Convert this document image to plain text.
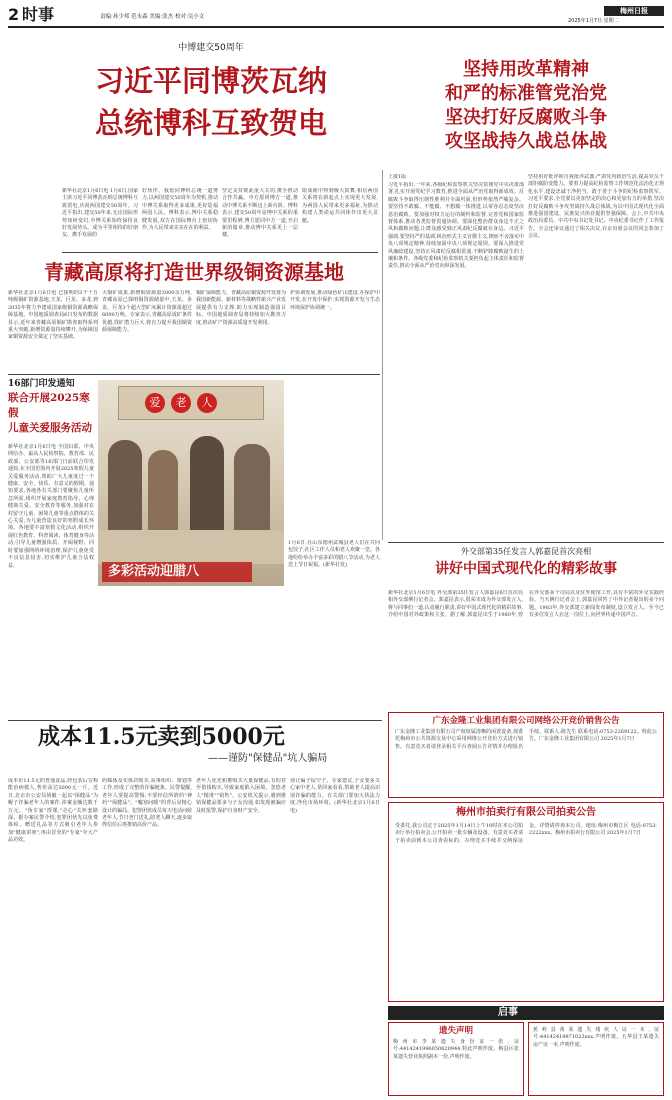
2 时事	责编:孙少邦 范永森 美编:张杰 校对:吴小文
梅州日报
2025年1月7日 星期二
中博建交50周年
习近平同博茨瓦纳
总统博科互致贺电
新华社北京1月6日电 1月6日,国家主席习近平同博茨瓦纳总统博科互致贺电,庆祝两国建交50周年。习近平指出,建交50年来,无论国际形势如何变幻,中博关系始终保持良好发展势头。成为平等相待的好朋友、携手发展的
好伙伴。我愿同博科总统一道努力,以两国建交50周年为契机,推动中博关系取得更多成果,更好造福两国人民。博科表示,博中关系稳健发展,双方在国际舞台上密切协作,为人民带来实实在在的利益。
坚定支持彼此重大关切,携手推动合作共赢。中方愿同博方一道,推动中博关系不断迈上新台阶。博科表示,建交50周年是博中关系的重要里程碑,博方愿同中方一道,开启新的篇章,推动博中关系更上一层楼。
限成就中得到极大鼓舞,相信两国关系将在新起点上实现更大发展,为两国人民带来更多福祉,为推动构建人类命运共同体作出更大贡献。
坚持用改革精神
和严的标准管党治党
坚决打好反腐败斗争
攻坚战持久战总体战
上接1版
习近平指出,一年来,各级纪检监察机关坚决贯彻党中央决策部署,扎实开展党纪学习教育,推进全面从严治党取得新成效。反腐败斗争取得压倒性胜利并全面巩固,但形势依然严峻复杂。要坚持不敢腐、不能腐、不想腐一体推进,以零容忍态度坚决惩治腐败。要加强对权力运行的制约和监督,完善党和国家监督体系,推动各类监督贯通协调。要深化整治群众身边不正之风和腐败问题,让群众感受到正风肃纪反腐就在身边。习近平强调,要坚持严的基调,纠治形式主义官僚主义,锲而不舍落实中央八项规定精神,持续加固中央八项规定堤坝。要深入推进党风廉政建设,坚持正风肃纪反腐相贯通,不断铲除腐败滋生的土壤和条件。各级党委和纪检监察机关要担负起主体责任和监督责任,推动全面从严治党向纵深发展。
坚持用好批评和自我批评武器,严肃党内政治生活,提高党员干部拒腐防变能力。要着力提高纪检监察工作规范化法治化正规化水平,建设忠诚干净担当、敢于善于斗争的纪检监察铁军。习近平要求,全党要以更加坚定的决心和更加有力的举措,坚决打好反腐败斗争攻坚战持久战总体战,为以中国式现代化全面推进强国建设、民族复兴伟业提供坚强保障。会上,中共中央政治局委员、中共中央书记处书记、中央纪委书记作了工作报告。全会还审议通过了相关决议,在京出席会议的同志参加了会议。
青藏高原将打造世界级铜资源基地
新华社北京1月6日电 已探明的3个千万吨级铜矿资源基地,玉龙、巨龙、多龙,到2035年将力争建成国家级铜资源战略保障基地。中国地质调查局6日发布的数据显示,近年来青藏高原铜矿勘查取得系列重大突破,新增资源量持续攀升,为保障国家铜资源安全奠定了坚实基础。
大铜矿成果,新增铜资源量2000余万吨,青藏高原已探明铜资源储量中,玉龙、多龙、巨龙3个超大型矿床累计资源量超过6000万吨。专家表示,青藏高原成矿条件优越,找矿潜力巨大,将有力提升我国铜资源保障能力。
铜矿保障能力。青藏高原铜资源开发将为我国新能源、新材料等战略性新兴产业发展提供有力支撑,助力实现制造强国目标。中国地质调查局将持续加大勘查力度,推动矿产资源高质量开发利用。
护协调发展,推动绿色矿山建设,在保护中开发,在开发中保护,实现资源开发与生态环境保护协调统一。
16部门印发通知
联合开展2025寒假
儿童关爱服务活动
新华社北京1月6日电 全国妇联、中央网信办、最高人民检察院、教育部、民政部、公安部等16部门日前联合印发通知,在全国范围内开展2025寒假儿童关爱服务活动,帮助广大儿童度过一个健康、安全、快乐、有意义的假期。通知要求,各地各有关部门要聚焦儿童所急所需,组织开展家庭教育指导、心理健康关爱、安全教育等服务,加强对农村留守儿童、困境儿童等重点群体的关心关爱,为儿童营造良好的寒假成长环境。各地要丰富寒假文化活动,组织开展红色教育、科普阅读、体育健身等活动,引导儿童增强体质、开阔视野。同时要加强网络环境治理,保护儿童免受不良信息侵害,切实维护儿童合法权益。
爱	老	人
多彩活动迎腊八
1月6日,在山东德州武城县老人们在共同包饺子,社区工作人员和老人欢聚一堂。各地纷纷举办丰富多彩的腊八节活动,为老人送上节日祝福。(新华社发)
外交部第35任发言人郭嘉昆首次亮相
讲好中国式现代化的精彩故事
新华社北京1月6日电 外交部第35任发言人郭嘉昆6日首次亮相外交部例行记者会。郭嘉昆表示,很荣幸成为外交部发言人,将与同事们一道,认真履行职责,讲好中国式现代化的精彩故事,介绍中国对外政策和主张。据了解,郭嘉昆出生于1980年,曾在外交部多个司局以及驻外使馆工作,具有丰富的外交实践经验。当天例行记者会上,郭嘉昆回答了中外记者提出的多个问题。1983年,外交部建立新闻发布制度,设立发言人。至今已有多位发言人在这一岗位上,向世界传递中国声音。
成本11.5元卖到5000元
——谨防"保健品"坑人骗局
成本价11.5元的普通食品,经包装后宣称能治病救人,售价高达5000元一斤。近日,北京市公安局侦破一起以"保健品"为幌子诈骗老年人的案件,涉案金额达数千万元。"伪专家"授课,"走心"关怀套路深。据办案民警介绍,犯罪团伙先以免费体检、赠送礼品等方式吸引老年人参加"健康讲座",再由冒充的"专家"夸大产品功效。
的媒体及实体店购买,从事组织、策划等工作,形成了完整的诈骗链条。民警提醒,老年人要提高警惕,不要轻信所谓的"神药""保健品"。"嘘寒问暖"的背后是精心设计的骗局。犯罪团伙成员每天电话问候老年人,节日登门送礼,陪老人聊天,逐步取得信任后再推销高价产品。
老年人花光积蓄购买大量保健品,有的甚至借钱购买,导致家庭陷入困境。忽悠老人"精准""销售"。公安机关提示,遇到推销保健品要多与子女沟通,如发现被骗应及时报警,保护自身财产安全。
别让骗子钻空子。专家建议,子女要多关心家中老人,常回家看看,帮助老人提高识别诈骗的能力。有关部门要加大执法力度,净化市场环境。(新华社北京1月6日电)
广东金隆工业集团有限公司网络公开竞价销售公告
广东金隆工业集团有限公司产权权属清晰的闲置设备,现委托梅州市公共资源交易中心采用网络公开竞价方式进行销售。有意竞买者请登录相关平台查阅公告详情并办理报名手续。联系人:陈先生 联系电话:0753-2269122。特此公告。广东金隆工业集团有限公司 2025年1月7日
梅州市拍卖行有限公司拍卖公告
受委托,我公司定于2025年1月14日上午10时在本公司拍卖厅举行拍卖会,公开拍卖一批车辆及设备。有意竞买者请于拍卖前到本公司查看标的、办理竞买手续并交纳保证金。详情请咨询本公司。地址:梅州市梅江区 电话:0753-2222xxx。梅州市拍卖行有限公司 2025年1月7日
启事
遗失声明
梅州市李某遗失身份证一张,证号:4414241996050620944,特此声明作废。梅县区张某遗失营业执照副本一份,声明作废。
蕉岭县黄某遗失残疾人证一本,证号:44142419871023xxx,声明作废。五华县王某遗失房产证一本,声明作废。
